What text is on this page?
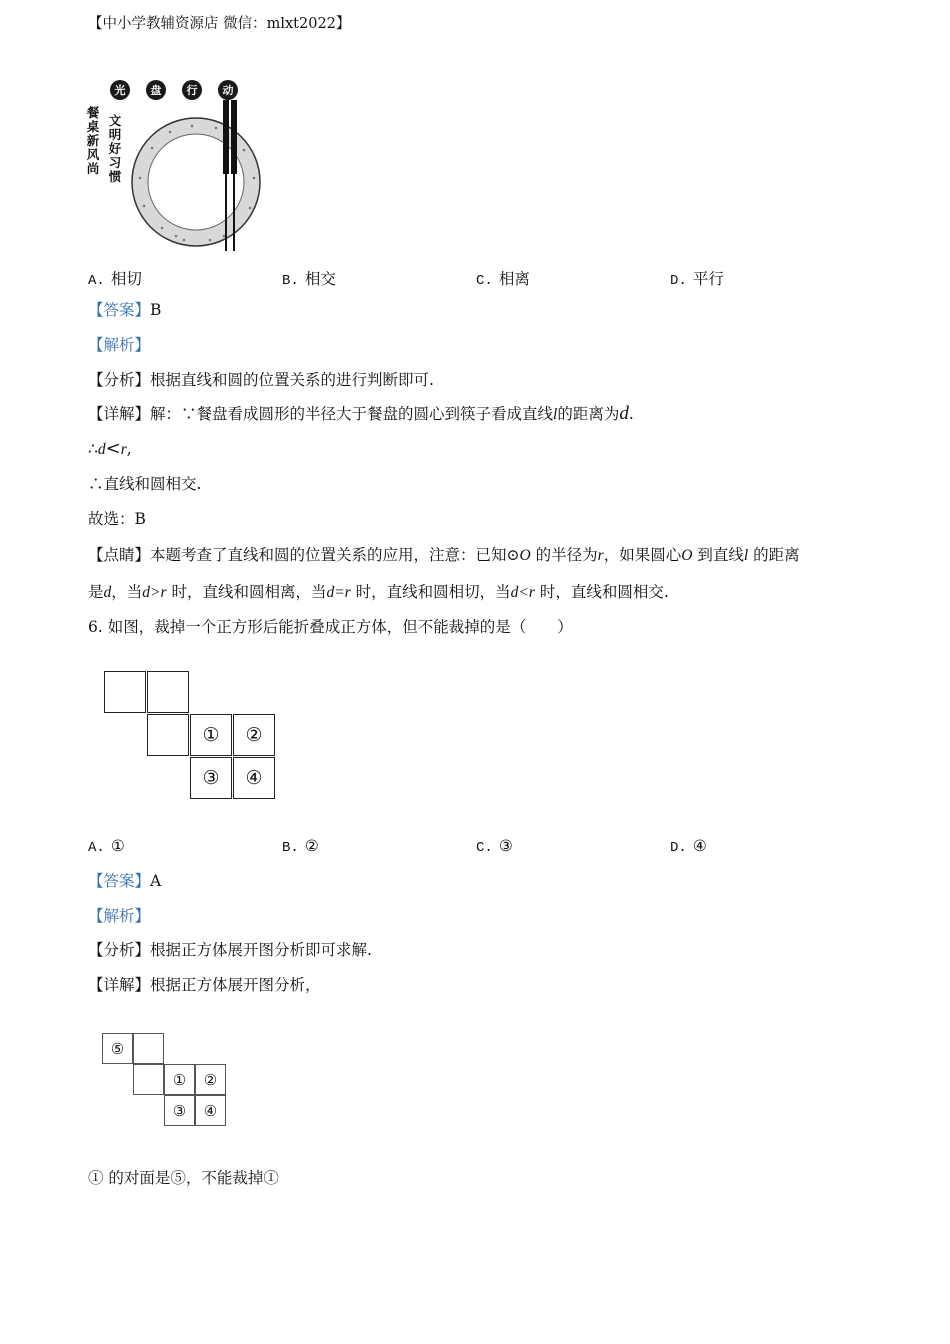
【中小学教辅资源店 微信：mlxt2022】
光	盘	行	动
餐桌新风尚
文明好习惯
A. 相切	B. 相交	C. 相离	D. 平行
【答案】B
【解析】
【分析】根据直线和圆的位置关系的进行判断即可.
【详解】解：∵餐盘看成圆形的半径大于餐盘的圆心到筷子看成直线l的距离为d.
∴d<r,
∴直线和圆相交.
故选：B
【点睛】本题考查了直线和圆的位置关系的应用，注意：已知⊙O 的半径为r，如果圆心O 到直线l 的距离
是d，当d>r 时，直线和圆相离，当d=r 时，直线和圆相切，当d<r 时，直线和圆相交.
6. 如图，裁掉一个正方形后能折叠成正方体，但不能裁掉的是（　　）
①	②
③	④
A. ①	B. ②	C. ③	D. ④
【答案】A
【解析】
【分析】根据正方体展开图分析即可求解.
【详解】根据正方体展开图分析，
⑤
①	②
③	④
① 的对面是⑤，不能裁掉①
